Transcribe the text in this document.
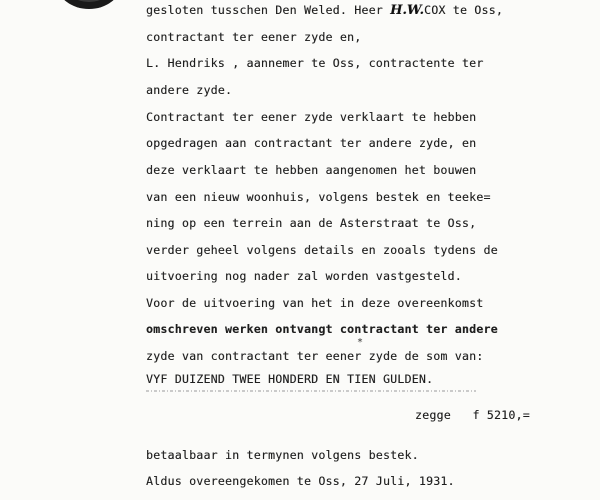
gesloten tusschen Den Weled. Heer H.W.COX te Oss,
contractant ter eener zyde en,
L. Hendriks , aannemer te Oss, contractente ter
andere zyde.
Contractant ter eener zyde verklaart te hebben
opgedragen aan contractant ter andere zyde, en
deze verklaart te hebben aangenomen het bouwen
van een nieuw woonhuis, volgens bestek en teeke=
ning op een terrein aan de Asterstraat te Oss,
verder geheel volgens details en zooals tydens de
uitvoering nog nader zal worden vastgesteld.
Voor de uitvoering van het in deze overeenkomst
omschreven werken ontvangt contractant ter andere
zyde van contractant ter eener zyde de som van:
*
VYF DUIZEND TWEE HONDERD EN TIEN GULDEN.
zegge   f 5210,=
betaalbaar in termynen volgens bestek.
Aldus overeengekomen te Oss, 27 Juli, 1931.
